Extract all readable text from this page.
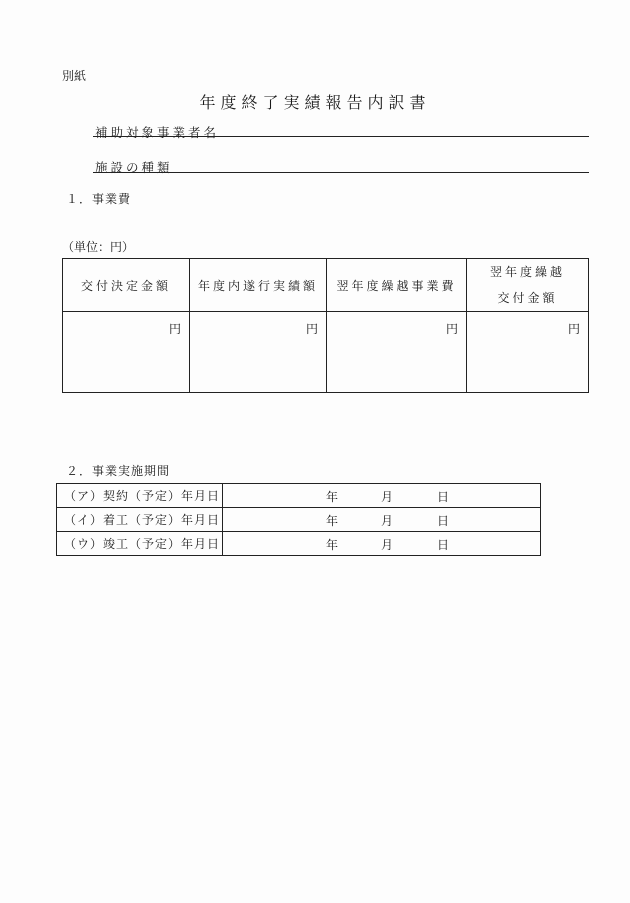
別紙
年度終了実績報告内訳書
補助対象事業者名
施設の種類
１．事業費
（単位：円）
交付決定金額	年度内遂行実績額	翌年度繰越事業費	翌年度繰越
交付金額
円	円	円	円
２．事業実施期間
（ア）契約（予定）年月日	年 月 日

（イ）着工（予定）年月日	年 月 日

（ウ）竣工（予定）年月日	年 月 日
